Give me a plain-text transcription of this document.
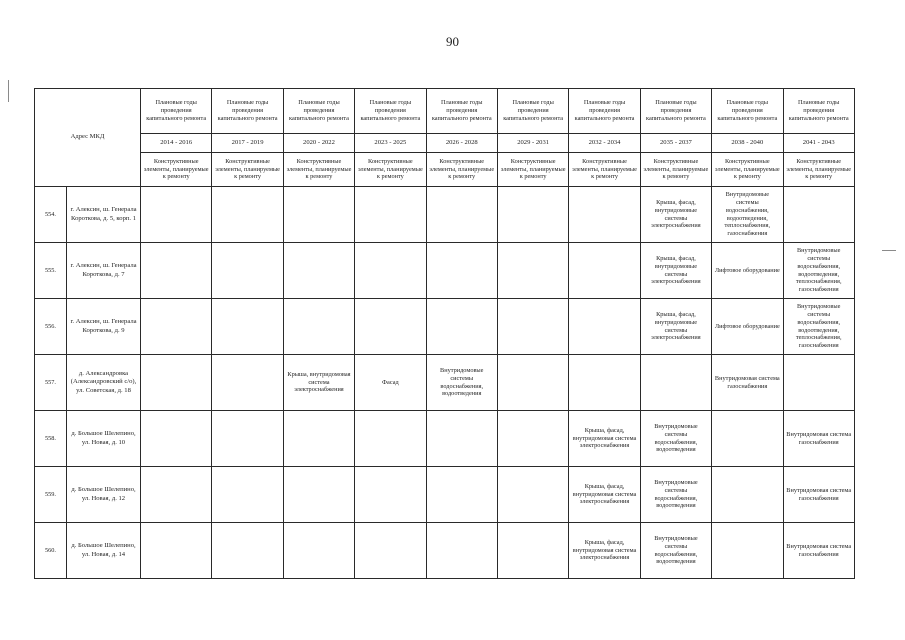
90
Адрес МКД		Плановые годы проведения капитального ремонта	Плановые годы проведения капитального ремонта	Плановые годы проведения капитального ремонта	Плановые годы проведения капитального ремонта	Плановые годы проведения капитального ремонта	Плановые годы проведения капитального ремонта	Плановые годы проведения капитального ремонта	Плановые годы проведения капитального ремонта	Плановые годы проведения капитального ремонта	Плановые годы проведения капитального ремонта
		2014 - 2016	2017 - 2019	2020 - 2022	2023 - 2025	2026 - 2028	2029 - 2031	2032 - 2034	2035 - 2037	2038 - 2040	2041 - 2043
		Конструктивные элементы, планируемые к ремонту	Конструктивные элементы, планируемые к ремонту	Конструктивные элементы, планируемые к ремонту	Конструктивные элементы, планируемые к ремонту	Конструктивные элементы, планируемые к ремонту	Конструктивные элементы, планируемые к ремонту	Конструктивные элементы, планируемые к ремонту	Конструктивные элементы, планируемые к ремонту	Конструктивные элементы, планируемые к ремонту	Конструктивные элементы, планируемые к ремонту
554.	г. Алексин, ш. Генерала Короткова, д. 5, корп. 1								Крыша, фасад, внутридомовые системы электроснабжения	Внутридомовые системы водоснабжения, водоотведения, теплоснабжения, газоснабжения	
555.	г. Алексин, ш. Генерала Короткова, д. 7								Крыша, фасад, внутридомовые системы электроснабжения	Лифтовое оборудование	Внутридомовые системы водоснабжения, водоотведения, теплоснабжения, газоснабжения
556.	г. Алексин, ш. Генерала Короткова, д. 9								Крыша, фасад, внутридомовые системы электроснабжения	Лифтовое оборудование	Внутридомовые системы водоснабжения, водоотведения, теплоснабжения, газоснабжения
557.	д. Александровка (Александровский с/о), ул. Советская, д. 18			Крыша, внутридомовая система электроснабжения	Фасад	Внутридомовые системы водоснабжения, водоотведения				Внутридомовая система газоснабжения	
558.	д. Большое Шелепино, ул. Новая, д. 10							Крыша, фасад, внутридомовая система электроснабжения	Внутридомовые системы водоснабжения, водоотведения		Внутридомовая система газоснабжения
559.	д. Большое Шелепино, ул. Новая, д. 12							Крыша, фасад, внутридомовая система электроснабжения	Внутридомовые системы водоснабжения, водоотведения		Внутридомовая система газоснабжения
560.	д. Большое Шелепино, ул. Новая, д. 14							Крыша, фасад, внутридомовая система электроснабжения	Внутридомовые системы водоснабжения, водоотведения		Внутридомовая система газоснабжения
